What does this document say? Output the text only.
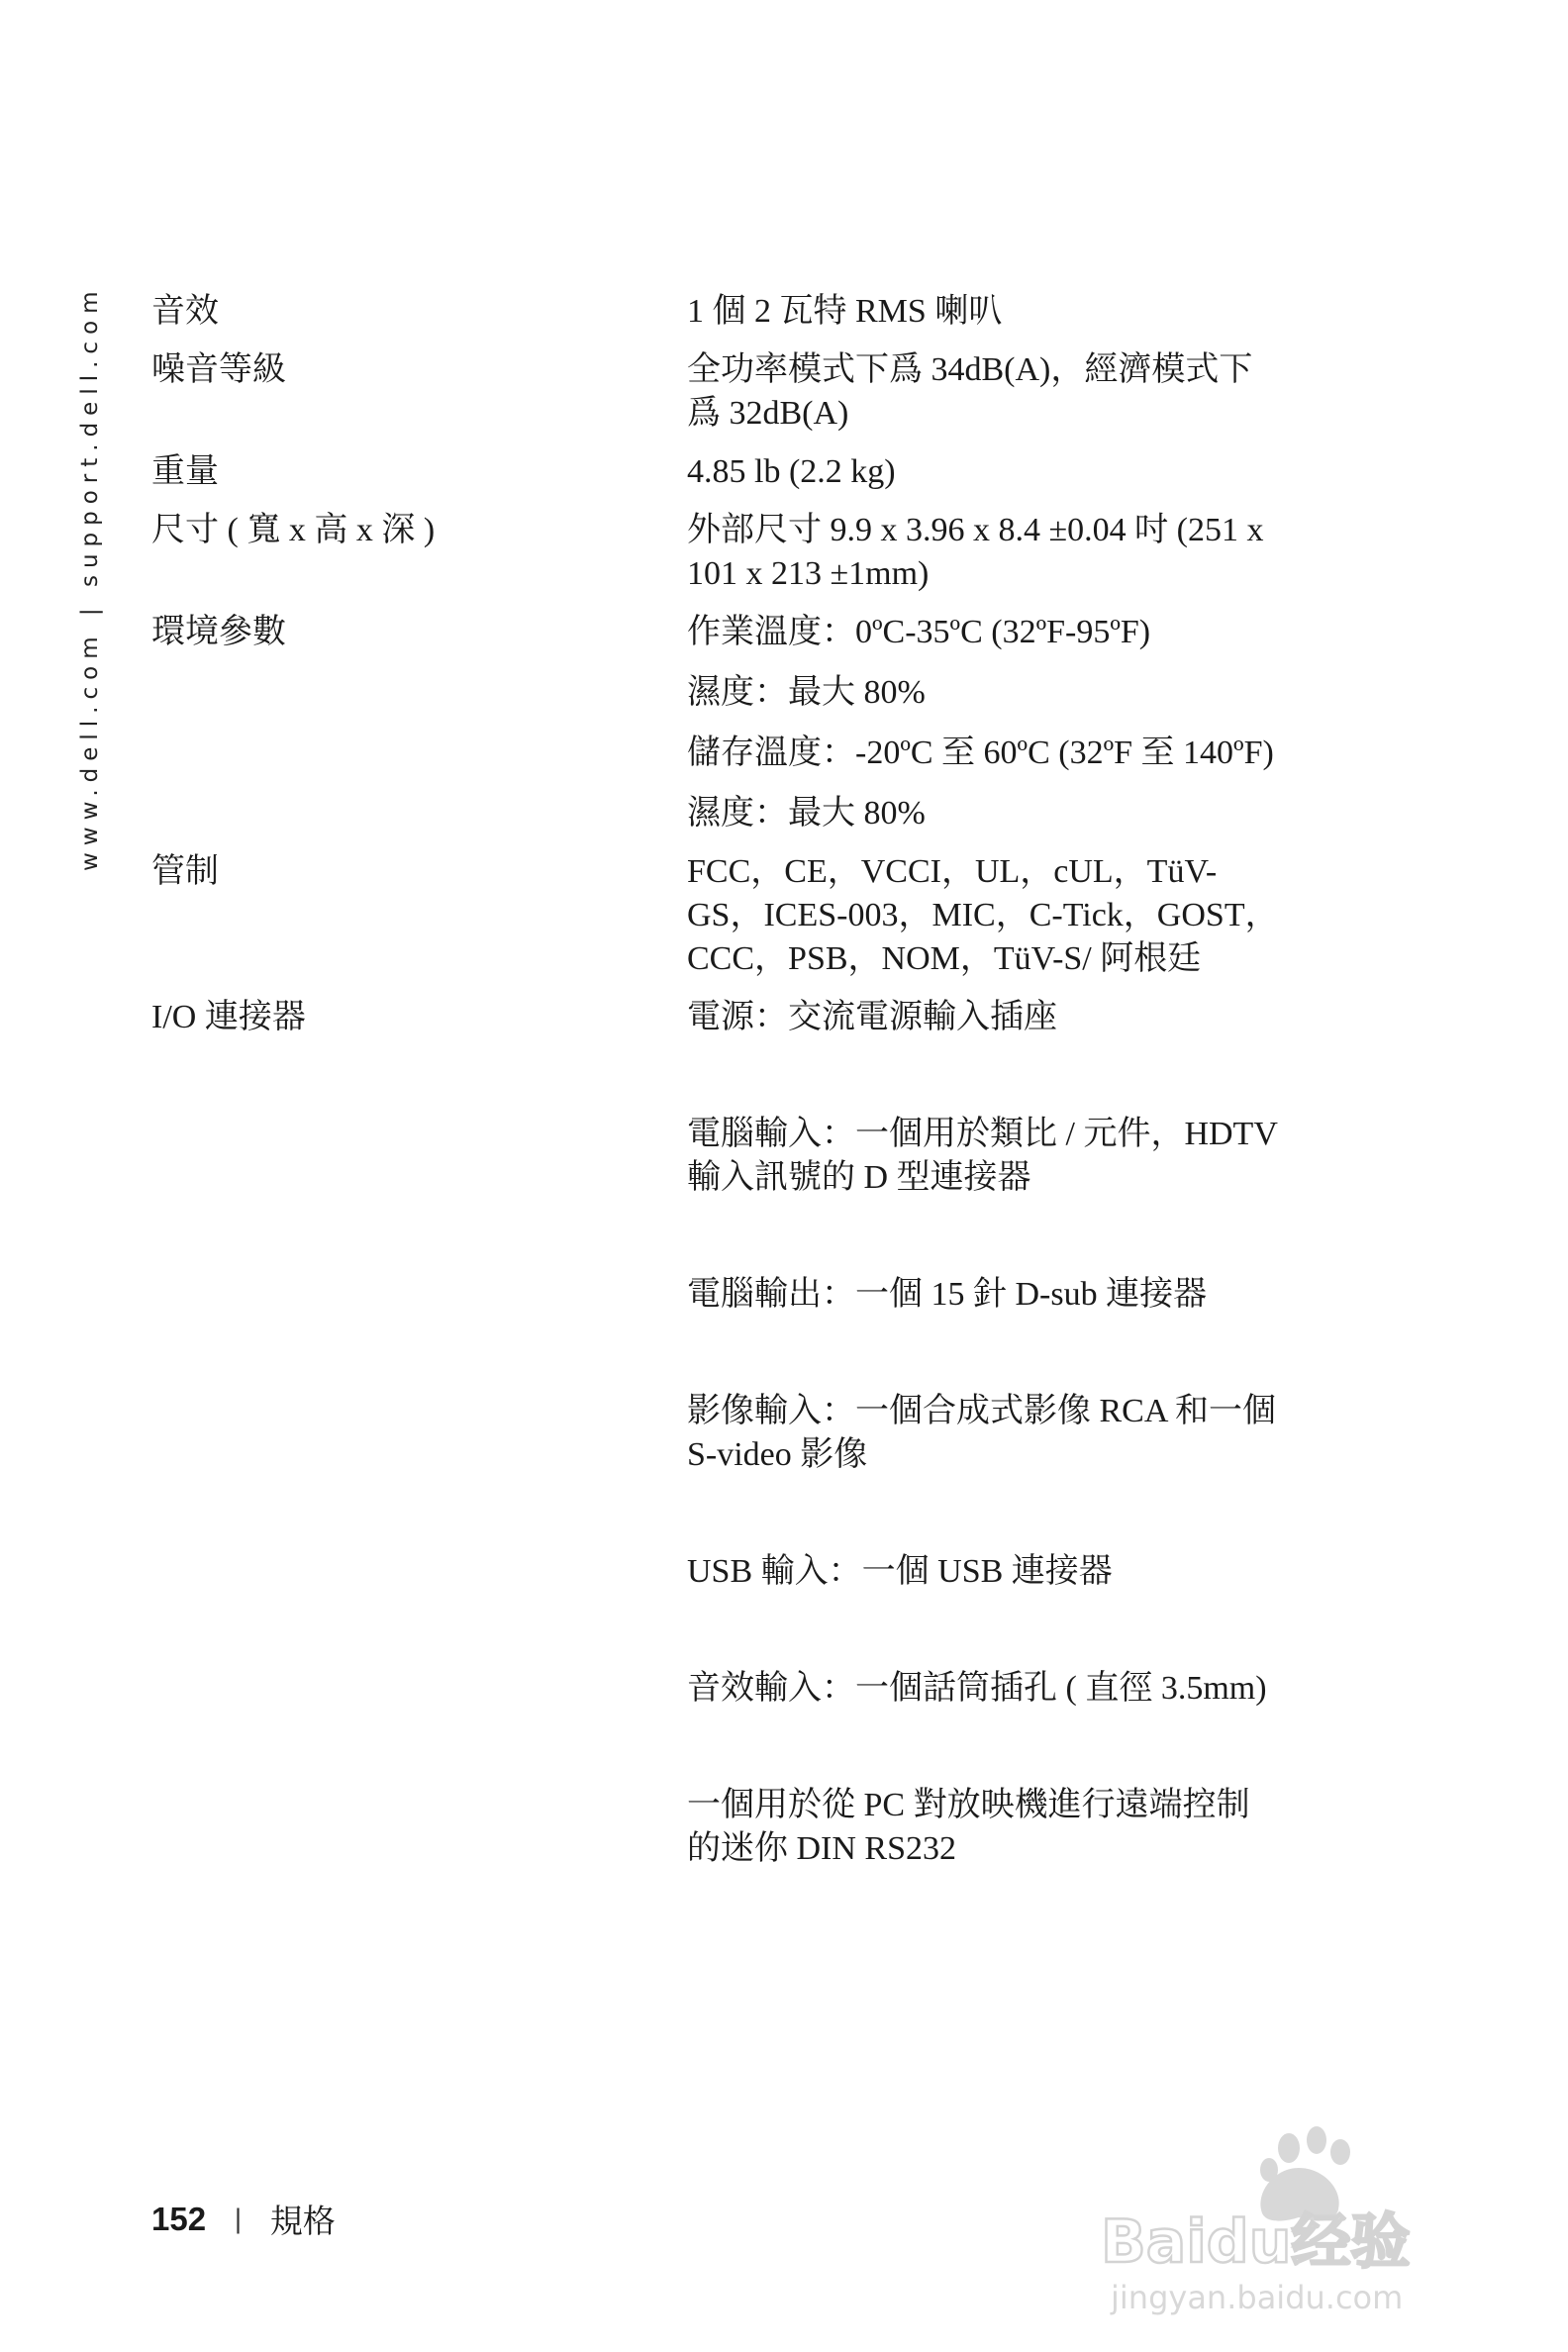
www.dell.com | support.dell.com 音效	1 個 2 瓦特 RMS 喇叭
噪音等級	全功率模式下爲 34dB(A)，經濟模式下爲 32dB(A)
重量	4.85 lb (2.2 kg)
尺寸 ( 寬 x 高 x 深 )	外部尺寸 9.9 x 3.96 x 8.4 ±0.04 吋 (251 x 101 x 213 ±1mm)
環境參數	作業溫度：0ºC-35ºC (32ºF-95ºF)
濕度：最大 80%
儲存溫度：-20ºC 至 60ºC (32ºF 至 140ºF)
濕度：最大 80%
管制	FCC，CE，VCCI，UL，cUL，TüV- GS，ICES-003，MIC，C-Tick，GOST，CCC，PSB，NOM，TüV-S/ 阿根廷
I/O 連接器	電源：交流電源輸入插座
電腦輸入：一個用於類比 / 元件，HDTV 輸入訊號的 D 型連接器
電腦輸出：一個 15 針 D-sub 連接器
影像輸入：一個合成式影像 RCA 和一個 S-video 影像
USB 輸入：一個 USB 連接器
音效輸入：一個話筒插孔 ( 直徑 3.5mm)
一個用於從 PC 對放映機進行遠端控制的迷你 DIN RS232
152 | 規格	Baidu经验
jingyan.baidu.com
